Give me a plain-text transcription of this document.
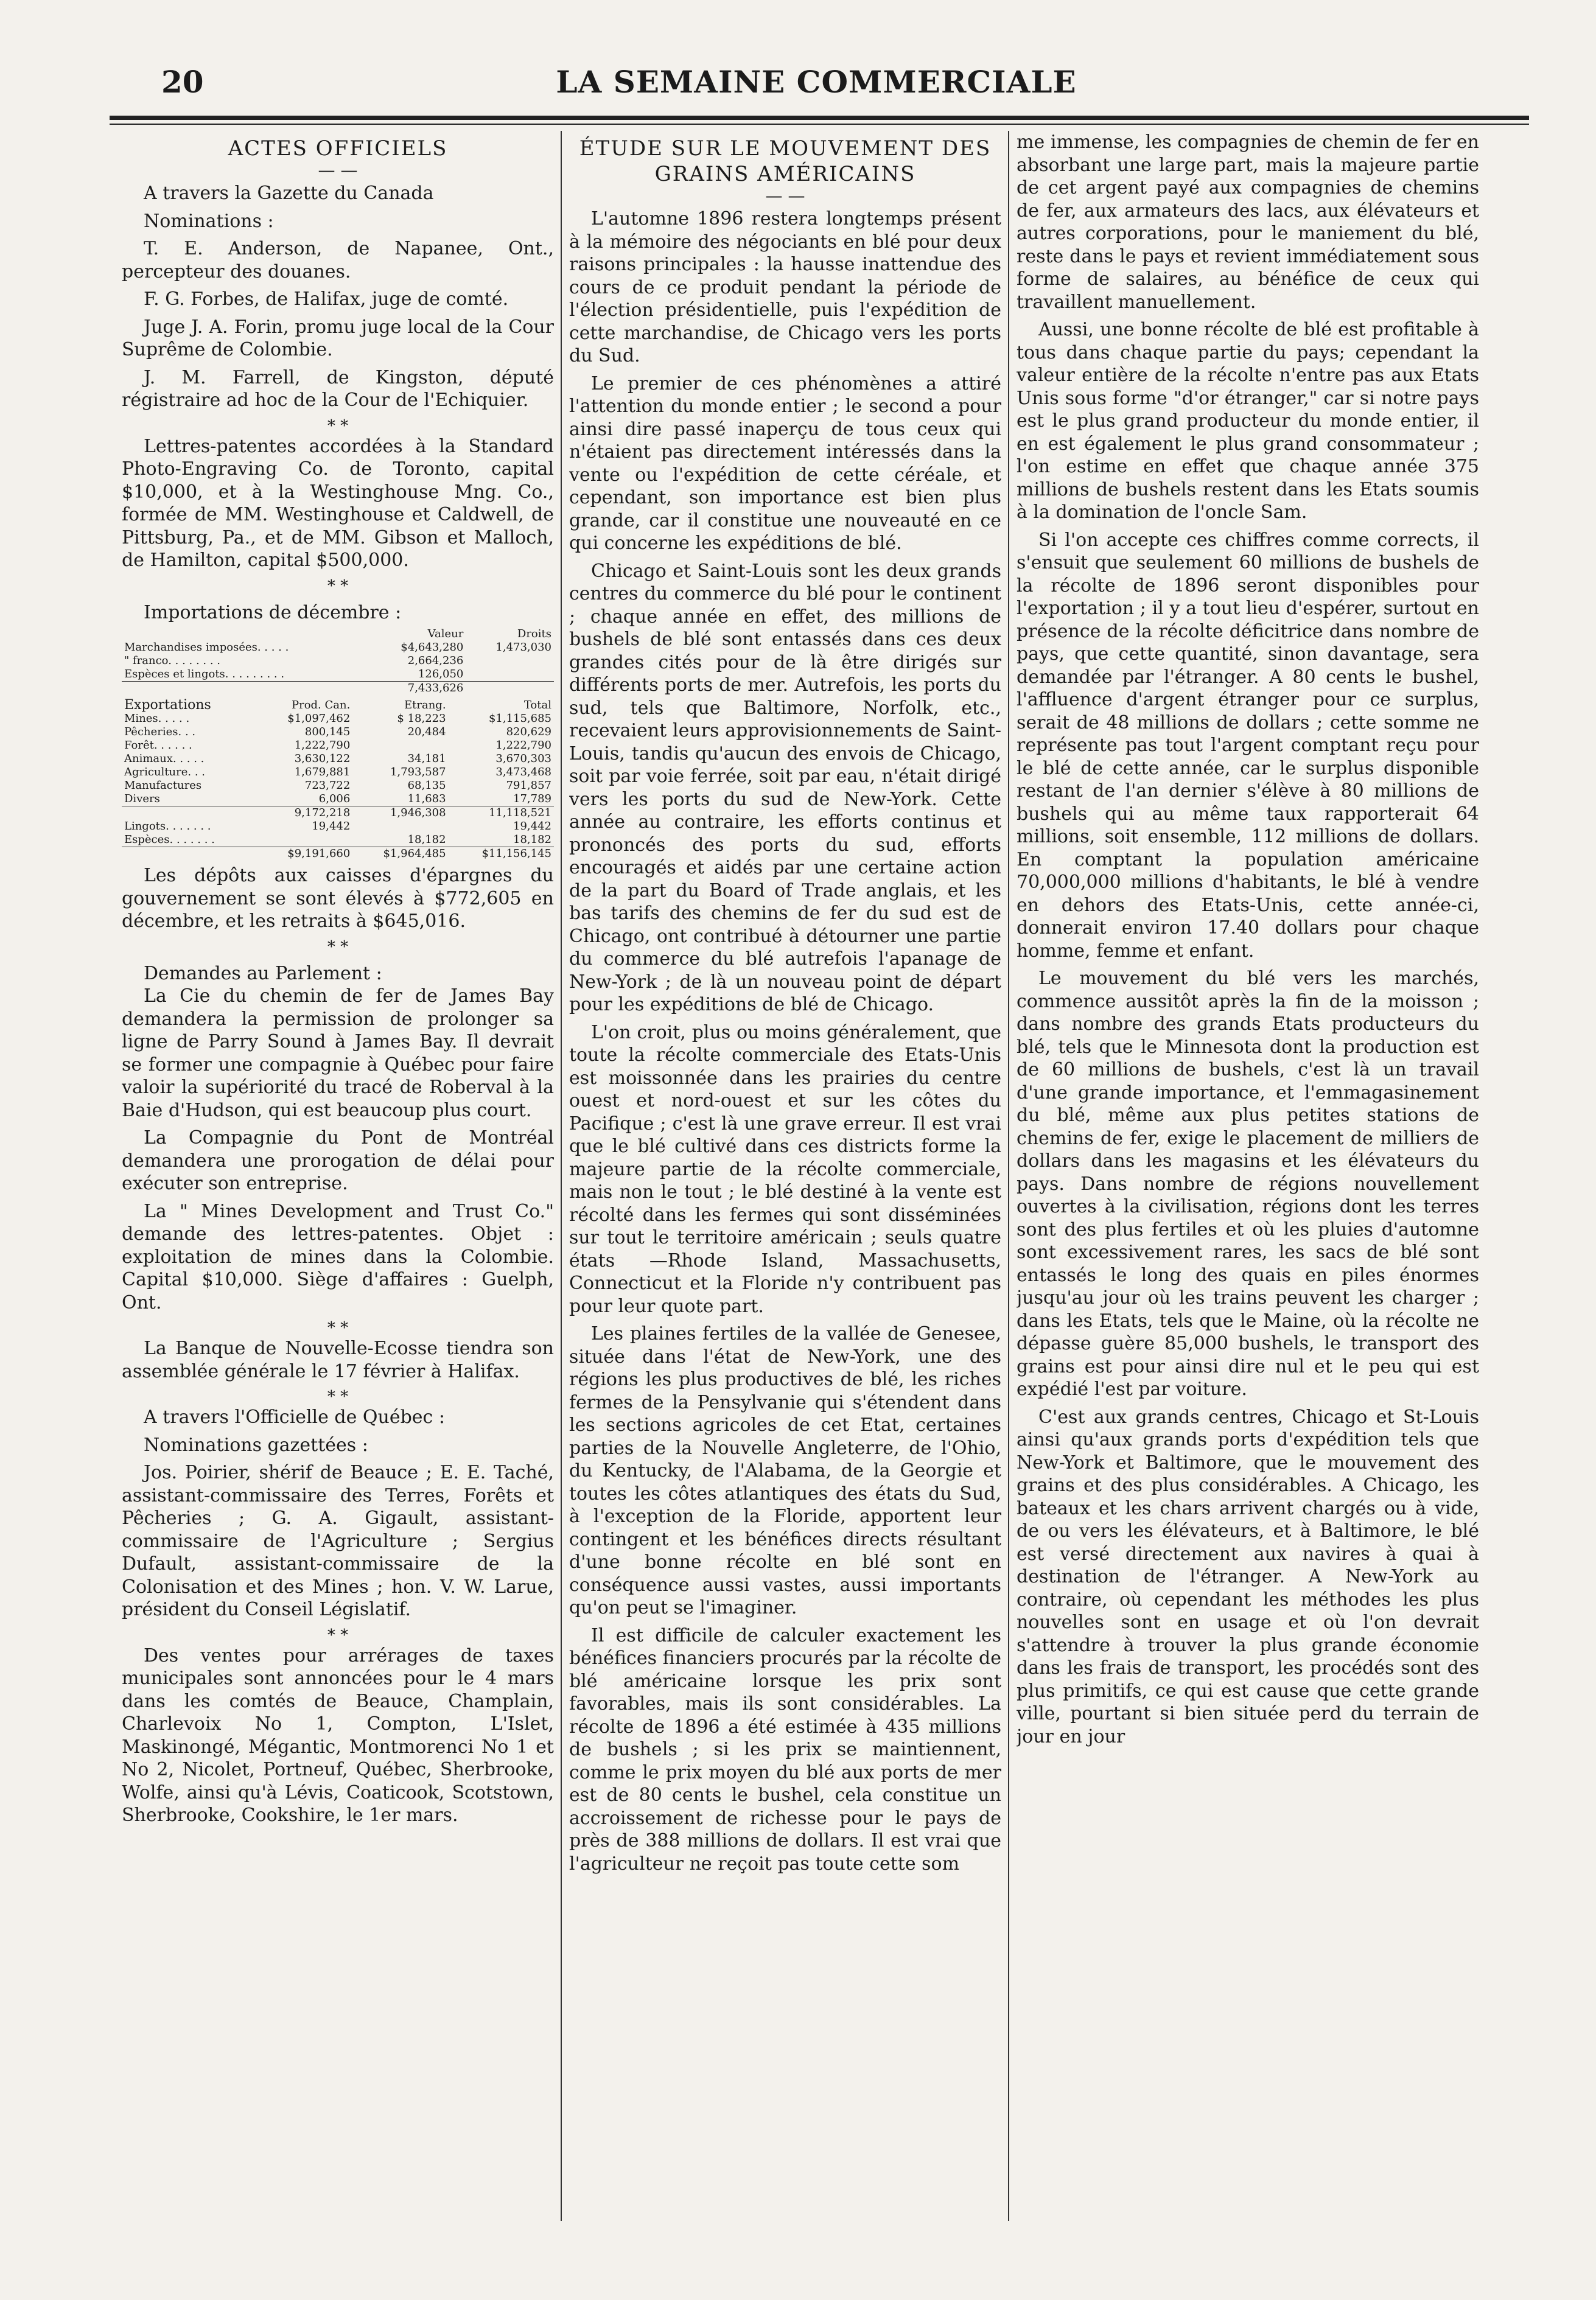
20	LA SEMAINE COMMERCIALE
ACTES OFFICIELS
— —

A travers la Gazette du Canada

Nominations :

T. E. Anderson, de Napanee, Ont., percepteur des douanes.

F. G. Forbes, de Halifax, juge de comté.

Juge J. A. Forin, promu juge local de la Cour Suprême de Colombie.

J. M. Farrell, de Kingston, député régistraire ad hoc de la Cour de l'Echiquier.

* *

Lettres-patentes accordées à la Standard Photo-Engraving Co. de Toronto, capital $10,000, et à la Westinghouse Mng. Co., formée de MM. Westinghouse et Caldwell, de Pittsburg, Pa., et de MM. Gibson et Malloch, de Hamilton, capital $500,000.

* *

Importations de décembre :

	Valeur	Droits
Marchandises imposées. . . . .	$4,643,280	1,473,030
" franco. . . . . . . .	2,664,236	
Espèces et lingots. . . . . . . . .	126,050	
	7,433,626	
Exportations	Prod. Can.	Etrang.	Total
Mines. . . . .	$1,097,462	$ 18,223	$1,115,685
Pêcheries. . .	800,145	20,484	820,629
Forêt. . . . . .	1,222,790		1,222,790
Animaux. . . . .	3,630,122	34,181	3,670,303
Agriculture. . .	1,679,881	1,793,587	3,473,468
Manufactures	723,722	68,135	791,857
Divers	6,006	11,683	17,789
	9,172,218	1,946,308	11,118,521
Lingots. . . . . . .	19,442		19,442
Espèces. . . . . . .		18,182	18,182
	$9,191,660	$1,964,485	$11,156,145

Les dépôts aux caisses d'épargnes du gouvernement se sont élevés à $772,605 en décembre, et les retraits à $645,016.

* *

Demandes au Parlement :

La Cie du chemin de fer de James Bay demandera la permission de prolonger sa ligne de Parry Sound à James Bay. Il devrait se former une compagnie à Québec pour faire valoir la supériorité du tracé de Roberval à la Baie d'Hudson, qui est beaucoup plus court.

La Compagnie du Pont de Montréal demandera une prorogation de délai pour exécuter son entreprise.

La " Mines Development and Trust Co." demande des lettres-patentes. Objet : exploitation de mines dans la Colombie. Capital $10,000. Siège d'affaires : Guelph, Ont.

* *

La Banque de Nouvelle-Ecosse tiendra son assemblée générale le 17 février à Halifax.

* *

A travers l'Officielle de Québec :

Nominations gazettées :

Jos. Poirier, shérif de Beauce ; E. E. Taché, assistant-commissaire des Terres, Forêts et Pêcheries ; G. A. Gigault, assistant-commissaire de l'Agriculture ; Sergius Dufault, assistant-commissaire de la Colonisation et des Mines ; hon. V. W. Larue, président du Conseil Législatif.

* *

Des ventes pour arrérages de taxes municipales sont annoncées pour le 4 mars dans les comtés de Beauce, Champlain, Charlevoix No 1, Compton, L'Islet, Maskinongé, Mégantic, Montmorenci No 1 et No 2, Nicolet, Portneuf, Québec, Sherbrooke, Wolfe, ainsi qu'à Lévis, Coaticook, Scotstown, Sherbrooke, Cookshire, le 1er mars.

ÉTUDE SUR LE MOUVEMENT DES
GRAINS AMÉRICAINS
— —

L'automne 1896 restera longtemps présent à la mémoire des négociants en blé pour deux raisons principales : la hausse inattendue des cours de ce produit pendant la période de l'élection présidentielle, puis l'expédition de cette marchandise, de Chicago vers les ports du Sud.

Le premier de ces phénomènes a attiré l'attention du monde entier ; le second a pour ainsi dire passé inaperçu de tous ceux qui n'étaient pas directement intéressés dans la vente ou l'expédition de cette céréale, et cependant, son importance est bien plus grande, car il constitue une nouveauté en ce qui concerne les expéditions de blé.

Chicago et Saint-Louis sont les deux grands centres du commerce du blé pour le continent ; chaque année en effet, des millions de bushels de blé sont entassés dans ces deux grandes cités pour de là être dirigés sur différents ports de mer. Autrefois, les ports du sud, tels que Baltimore, Norfolk, etc., recevaient leurs approvisionnements de Saint-Louis, tandis qu'aucun des envois de Chicago, soit par voie ferrée, soit par eau, n'était dirigé vers les ports du sud de New-York. Cette année au contraire, les efforts continus et prononcés des ports du sud, efforts encouragés et aidés par une certaine action de la part du Board of Trade anglais, et les bas tarifs des chemins de fer du sud est de Chicago, ont contribué à détourner une partie du commerce du blé autrefois l'apanage de New-York ; de là un nouveau point de départ pour les expéditions de blé de Chicago.

L'on croit, plus ou moins généralement, que toute la récolte commerciale des Etats-Unis est moissonnée dans les prairies du centre ouest et nord-ouest et sur les côtes du Pacifique ; c'est là une grave erreur. Il est vrai que le blé cultivé dans ces districts forme la majeure partie de la récolte commerciale, mais non le tout ; le blé destiné à la vente est récolté dans les fermes qui sont disséminées sur tout le territoire américain ; seuls quatre états —Rhode Island, Massachusetts, Connecticut et la Floride n'y contribuent pas pour leur quote part.

Les plaines fertiles de la vallée de Genesee, située dans l'état de New-York, une des régions les plus productives de blé, les riches fermes de la Pensylvanie qui s'étendent dans les sections agricoles de cet Etat, certaines parties de la Nouvelle Angleterre, de l'Ohio, du Kentucky, de l'Alabama, de la Georgie et toutes les côtes atlantiques des états du Sud, à l'exception de la Floride, apportent leur contingent et les bénéfices directs résultant d'une bonne récolte en blé sont en conséquence aussi vastes, aussi importants qu'on peut se l'imaginer.

Il est difficile de calculer exactement les bénéfices financiers procurés par la récolte de blé américaine lorsque les prix sont favorables, mais ils sont considérables. La récolte de 1896 a été estimée à 435 millions de bushels ; si les prix se maintiennent, comme le prix moyen du blé aux ports de mer est de 80 cents le bushel, cela constitue un accroissement de richesse pour le pays de près de 388 millions de dollars. Il est vrai que l'agriculteur ne reçoit pas toute cette som

me immense, les compagnies de chemin de fer en absorbant une large part, mais la majeure partie de cet argent payé aux compagnies de chemins de fer, aux armateurs des lacs, aux élévateurs et autres corporations, pour le maniement du blé, reste dans le pays et revient immédiatement sous forme de salaires, au bénéfice de ceux qui travaillent manuellement.

Aussi, une bonne récolte de blé est profitable à tous dans chaque partie du pays; cependant la valeur entière de la récolte n'entre pas aux Etats Unis sous forme "d'or étranger," car si notre pays est le plus grand producteur du monde entier, il en est également le plus grand consommateur ; l'on estime en effet que chaque année 375 millions de bushels restent dans les Etats soumis à la domination de l'oncle Sam.

Si l'on accepte ces chiffres comme corrects, il s'ensuit que seulement 60 millions de bushels de la récolte de 1896 seront disponibles pour l'exportation ; il y a tout lieu d'espérer, surtout en présence de la récolte déficitrice dans nombre de pays, que cette quantité, sinon davantage, sera demandée par l'étranger. A 80 cents le bushel, l'affluence d'argent étranger pour ce surplus, serait de 48 millions de dollars ; cette somme ne représente pas tout l'argent comptant reçu pour le blé de cette année, car le surplus disponible restant de l'an dernier s'élève à 80 millions de bushels qui au même taux rapporterait 64 millions, soit ensemble, 112 millions de dollars. En comptant la population américaine 70,000,000 millions d'habitants, le blé à vendre en dehors des Etats-Unis, cette année-ci, donnerait environ 17.40 dollars pour chaque homme, femme et enfant.

Le mouvement du blé vers les marchés, commence aussitôt après la fin de la moisson ; dans nombre des grands Etats producteurs du blé, tels que le Minnesota dont la production est de 60 millions de bushels, c'est là un travail d'une grande importance, et l'emmagasinement du blé, même aux plus petites stations de chemins de fer, exige le placement de milliers de dollars dans les magasins et les élévateurs du pays. Dans nombre de régions nouvellement ouvertes à la civilisation, régions dont les terres sont des plus fertiles et où les pluies d'automne sont excessivement rares, les sacs de blé sont entassés le long des quais en piles énormes jusqu'au jour où les trains peuvent les charger ; dans les Etats, tels que le Maine, où la récolte ne dépasse guère 85,000 bushels, le transport des grains est pour ainsi dire nul et le peu qui est expédié l'est par voiture.

C'est aux grands centres, Chicago et St-Louis ainsi qu'aux grands ports d'expédition tels que New-York et Baltimore, que le mouvement des grains et des plus considérables. A Chicago, les bateaux et les chars arrivent chargés ou à vide, de ou vers les élévateurs, et à Baltimore, le blé est versé directement aux navires à quai à destination de l'étranger. A New-York au contraire, où cependant les méthodes les plus nouvelles sont en usage et où l'on devrait s'attendre à trouver la plus grande économie dans les frais de transport, les procédés sont des plus primitifs, ce qui est cause que cette grande ville, pourtant si bien située perd du terrain de jour en jour
